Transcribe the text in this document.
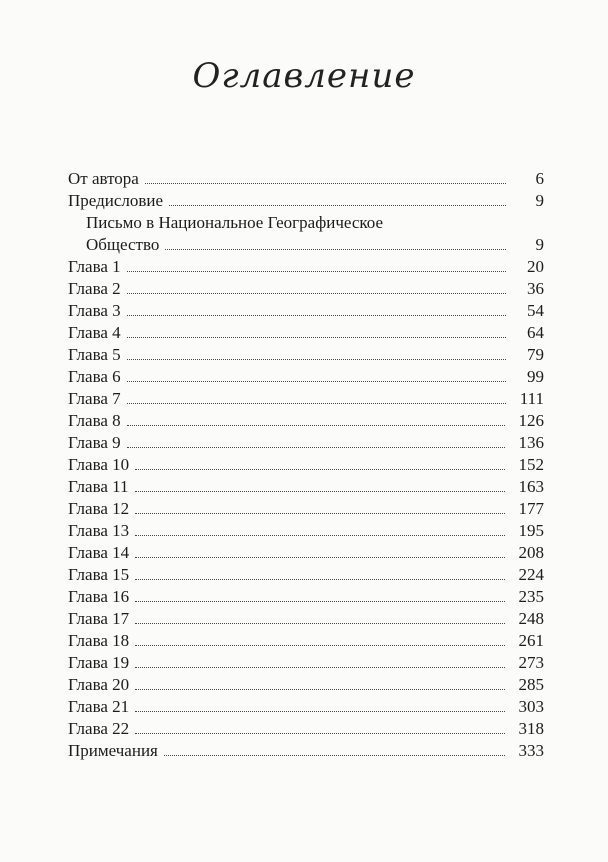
Оглавление
От автора	6
Предисловие	9
Письмо в Национальное Географическое
Общество	9
Глава 1	20
Глава 2	36
Глава 3	54
Глава 4	64
Глава 5	79
Глава 6	99
Глава 7	111
Глава 8	126
Глава 9	136
Глава 10	152
Глава 11	163
Глава 12	177
Глава 13	195
Глава 14	208
Глава 15	224
Глава 16	235
Глава 17	248
Глава 18	261
Глава 19	273
Глава 20	285
Глава 21	303
Глава 22	318
Примечания	333
